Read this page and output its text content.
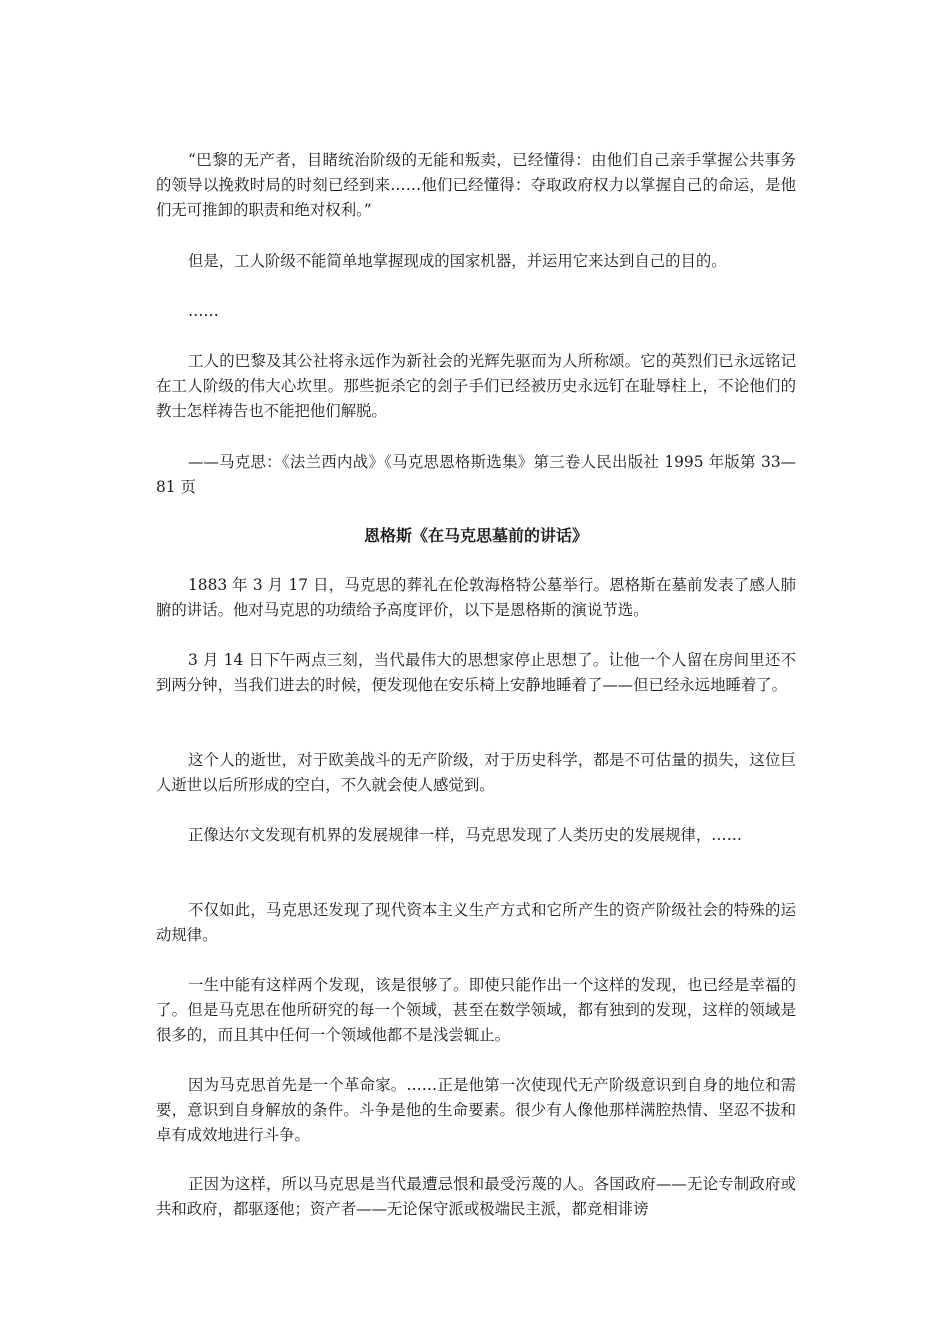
“巴黎的无产者，目睹统治阶级的无能和叛卖，已经懂得：由他们自己亲手掌握公共事务的领导以挽救时局的时刻已经到来……他们已经懂得：夺取政府权力以掌握自己的命运，是他们无可推卸的职责和绝对权利。”

但是，工人阶级不能简单地掌握现成的国家机器，并运用它来达到自己的目的。

……

工人的巴黎及其公社将永远作为新社会的光辉先驱而为人所称颂。它的英烈们已永远铭记在工人阶级的伟大心坎里。那些扼杀它的刽子手们已经被历史永远钉在耻辱柱上，不论他们的教士怎样祷告也不能把他们解脱。

——马克思：《法兰西内战》《马克思恩格斯选集》第三卷人民出版社 1995 年版第 33—81 页

恩格斯《在马克思墓前的讲话》

1883 年 3 月 17 日，马克思的葬礼在伦敦海格特公墓举行。恩格斯在墓前发表了感人肺腑的讲话。他对马克思的功绩给予高度评价，以下是恩格斯的演说节选。

3 月 14 日下午两点三刻，当代最伟大的思想家停止思想了。让他一个人留在房间里还不到两分钟，当我们进去的时候，便发现他在安乐椅上安静地睡着了——但已经永远地睡着了。

这个人的逝世，对于欧美战斗的无产阶级，对于历史科学，都是不可估量的损失，这位巨人逝世以后所形成的空白，不久就会使人感觉到。

正像达尔文发现有机界的发展规律一样，马克思发现了人类历史的发展规律，……

不仅如此，马克思还发现了现代资本主义生产方式和它所产生的资产阶级社会的特殊的运动规律。

一生中能有这样两个发现，该是很够了。即使只能作出一个这样的发现，也已经是幸福的了。但是马克思在他所研究的每一个领域，甚至在数学领域，都有独到的发现，这样的领域是很多的，而且其中任何一个领域他都不是浅尝辄止。

因为马克思首先是一个革命家。……正是他第一次使现代无产阶级意识到自身的地位和需要，意识到自身解放的条件。斗争是他的生命要素。很少有人像他那样满腔热情、坚忍不拔和卓有成效地进行斗争。

正因为这样，所以马克思是当代最遭忌恨和最受污蔑的人。各国政府——无论专制政府或共和政府，都驱逐他；资产者——无论保守派或极端民主派，都竞相诽谤
